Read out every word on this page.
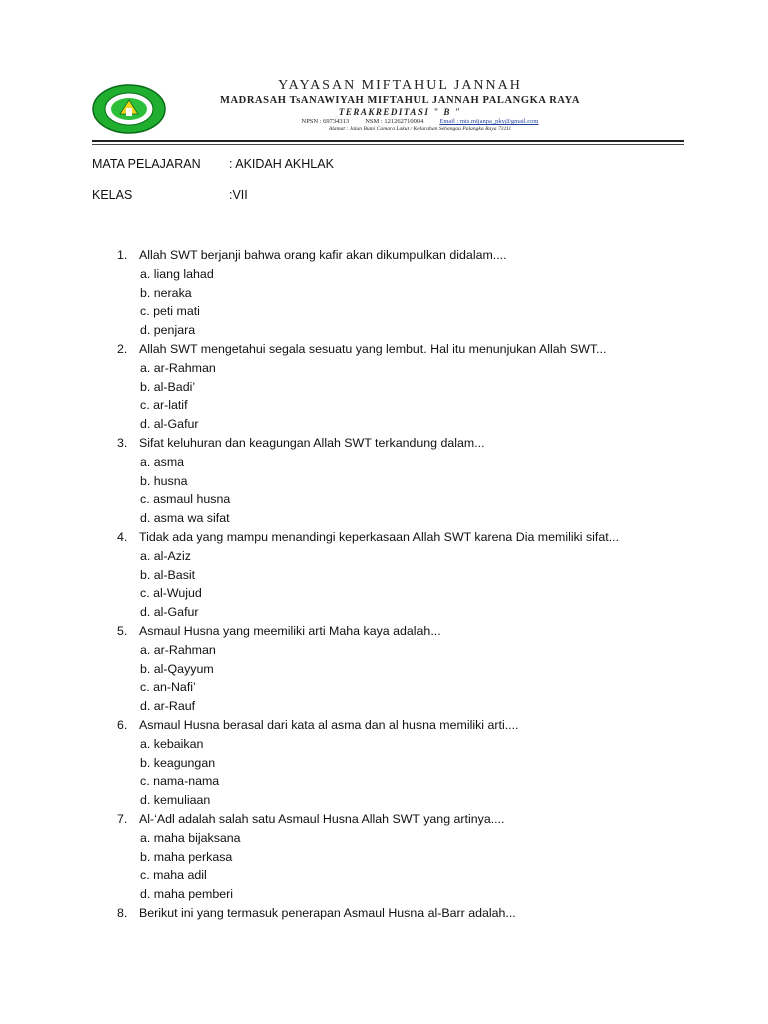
YAYASAN MIFTAHUL JANNAH
MADRASAH TsANAWIYAH MIFTAHUL JANNAH PALANGKA RAYA
TERAKREDITASI " B "
NPSN : 69734313 NSM : 121262710004 Email : mts.mijanpa_pky@gmail.com
Alamat : Jalan Bumi Camara Lakut / Kelurahan Sebangau Palangka Raya 73111
MATA PELAJARAN : AKIDAH AKHLAK
KELAS	:VII
1. Allah SWT berjanji bahwa orang kafir akan dikumpulkan didalam....
a. liang lahad
b. neraka
c. peti mati
d. penjara
2. Allah SWT mengetahui segala sesuatu yang lembut. Hal itu menunjukan Allah SWT...
a. ar-Rahman
b. al-Badi’
c. ar-latif
d. al-Gafur
3. Sifat keluhuran dan keagungan Allah SWT terkandung dalam...
a. asma
b. husna
c. asmaul husna
d. asma wa sifat
4. Tidak ada yang mampu menandingi keperkasaan Allah SWT karena Dia memiliki sifat...
a. al-Aziz
b. al-Basit
c. al-Wujud
d. al-Gafur
5. Asmaul Husna yang meemiliki arti Maha kaya adalah...
a. ar-Rahman
b. al-Qayyum
c. an-Nafi’
d. ar-Rauf
6. Asmaul Husna berasal dari kata al asma dan al husna memiliki arti....
a. kebaikan
b. keagungan
c. nama-nama
d. kemuliaan
7. Al-‘Adl adalah salah satu Asmaul Husna Allah SWT yang artinya....
a. maha bijaksana
b. maha perkasa
c. maha adil
d. maha pemberi
8. Berikut ini yang termasuk penerapan Asmaul Husna al-Barr adalah...
